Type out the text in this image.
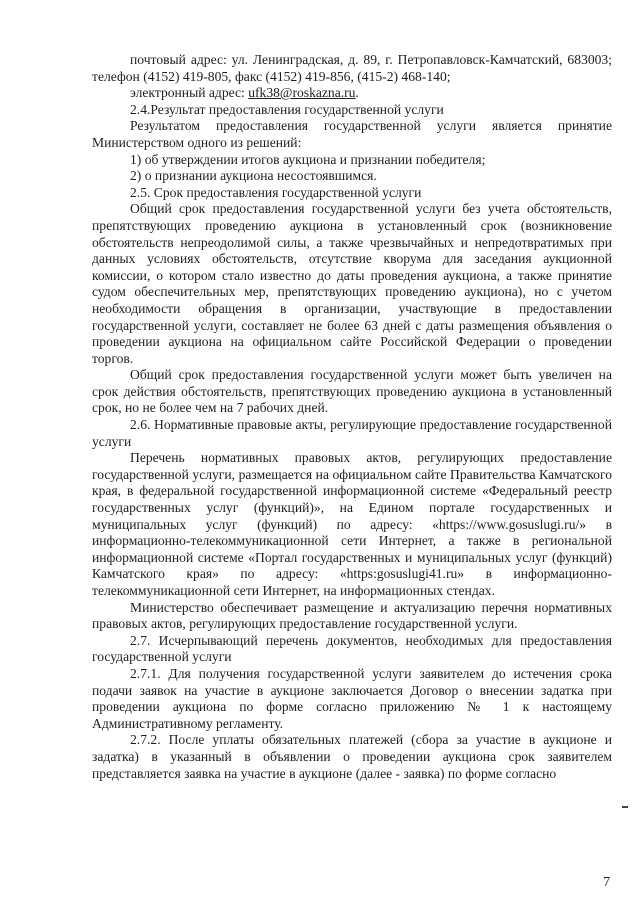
почтовый адрес: ул. Ленинградская, д. 89, г. Петропавловск-Камчатский, 683003; телефон (4152) 419-805, факс (4152) 419-856, (415-2) 468-140;

электронный адрес: ufk38@roskazna.ru.

2.4.Результат предоставления государственной услуги

Результатом предоставления государственной услуги является принятие Министерством одного из решений:

1) об утверждении итогов аукциона и признании победителя;

2) о признании аукциона несостоявшимся.

2.5. Срок предоставления государственной услуги

Общий срок предоставления государственной услуги без учета обстоятельств, препятствующих проведению аукциона в установленный срок (возникновение обстоятельств непреодолимой силы, а также чрезвычайных и непредотвратимых при данных условиях обстоятельств, отсутствие кворума для заседания аукционной комиссии, о котором стало известно до даты проведения аукциона, а также принятие судом обеспечительных мер, препятствующих проведению аукциона), но с учетом необходимости обращения в организации, участвующие в предоставлении государственной услуги, составляет не более 63 дней с даты размещения объявления о проведении аукциона на официальном сайте Российской Федерации о проведении торгов.

Общий срок предоставления государственной услуги может быть увеличен на срок действия обстоятельств, препятствующих проведению аукциона в установленный срок, но не более чем на 7 рабочих дней.

2.6. Нормативные правовые акты, регулирующие предоставление государственной услуги

Перечень нормативных правовых актов, регулирующих предоставление государственной услуги, размещается на официальном сайте Правительства Камчатского края, в федеральной государственной информационной системе «Федеральный реестр государственных услуг (функций)», на Едином портале государственных и муниципальных услуг (функций) по адресу: «https://www.gosuslugi.ru/» в информационно-телекоммуникационной сети Интернет, а также в региональной информационной системе «Портал государственных и муниципальных услуг (функций) Камчатского края» по адресу: «https:gosuslugi41.ru» в информационно-телекоммуникационной сети Интернет, на информационных стендах.

Министерство обеспечивает размещение и актуализацию перечня нормативных правовых актов, регулирующих предоставление государственной услуги.

2.7. Исчерпывающий перечень документов, необходимых для предоставления государственной услуги

2.7.1. Для получения государственной услуги заявителем до истечения срока подачи заявок на участие в аукционе заключается Договор о внесении задатка при проведении аукциона по форме согласно приложению № 1 к настоящему Административному регламенту.

2.7.2. После уплаты обязательных платежей (сбора за участие в аукционе и задатка) в указанный в объявлении о проведении аукциона срок заявителем представляется заявка на участие в аукционе (далее - заявка) по форме согласно

7
